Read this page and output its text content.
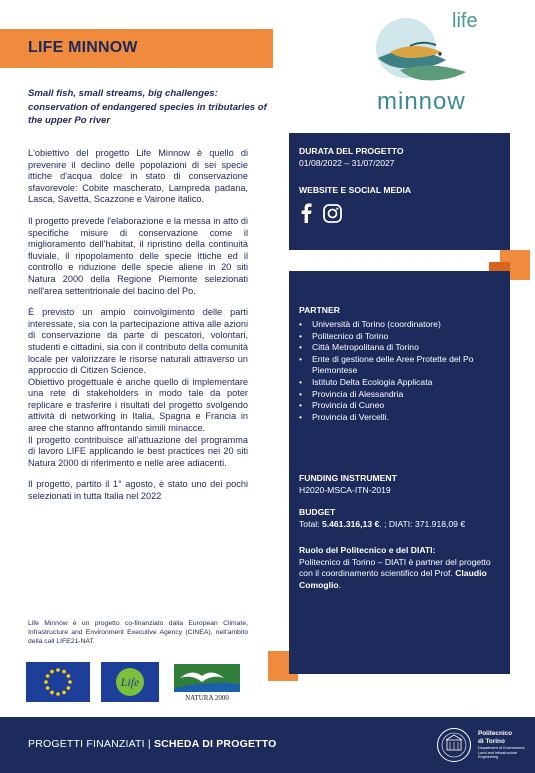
LIFE MINNOW
life
minnow
Small fish, small streams, big challenges: conservation of endangered species in tributaries of the upper Po river

L'obiettivo del progetto Life Minnow è quello di prevenire il declino delle popolazioni di sei specie ittiche d'acqua dolce in stato di conservazione sfavorevole: Cobite mascherato, Lampreda padana, Lasca, Savetta, Scazzone e Vairone italico.

Il progetto prevede l'elaborazione e la messa in atto di specifiche misure di conservazione come il miglioramento dell'habitat, il ripristino della continuità fluviale, il ripopolamento delle specie ittiche ed il controllo e riduzione delle specie aliene in 20 siti Natura 2000 della Regione Piemonte selezionati nell'area settentrionale del bacino del Po.

È previsto un ampio coinvolgimento delle parti interessate, sia con la partecipazione attiva alle azioni di conservazione da parte di pescatori, volontari, studenti e cittadini, sia con il contributo della comunità locale per valorizzare le risorse naturali attraverso un approccio di Citizen Science.

Obiettivo progettuale è anche quello di implementare una rete di stakeholders in modo tale da poter replicare e trasferire i risultati del progetto svolgendo attività di networking in Italia, Spagna e Francia in aree che stanno affrontando simili minacce.

Il progetto contribuisce all'attuazione del programma di lavoro LIFE applicando le best practices nei 20 siti Natura 2000 di riferimento e nelle aree adiacenti.

Il progetto, partito il 1° agosto, è stato uno dei pochi selezionati in tutta Italia nel 2022

Life Minnow è un progetto co-finanziato dalla European Climate, Infrastructure and Environment Executive Agency (CINEA), nell'ambito della call LIFE21-NAT.
Life
NATURA 2000
DURATA DEL PROGETTO
01/08/2022 – 31/07/2027
WEBSITE E SOCIAL MEDIA
PARTNER
• Università di Torino (coordinatore)
• Politecnico di Torino
• Città Metropolitana di Torino
• Ente di gestione delle Aree Protette del Po Piemontese
• Istituto Delta Ecologia Applicata
• Provincia di Alessandria
• Provincia di Cuneo
• Provincia di Vercelli.
FUNDING INSTRUMENT
H2020-MSCA-ITN-2019
BUDGET
Total: 5.461.316,13 €. ; DIATI: 371.918,09 €
Ruolo del Politecnico e del DIATI:
Politecnico di Torino – DIATI è partner del progetto con il coordinamento scientifico del Prof. Claudio Comoglio.
PROGETTI FINANZIATI | SCHEDA DI PROGETTO
Politecnico
di Torino
Department of Environment, Land and Infrastructure Engineering
